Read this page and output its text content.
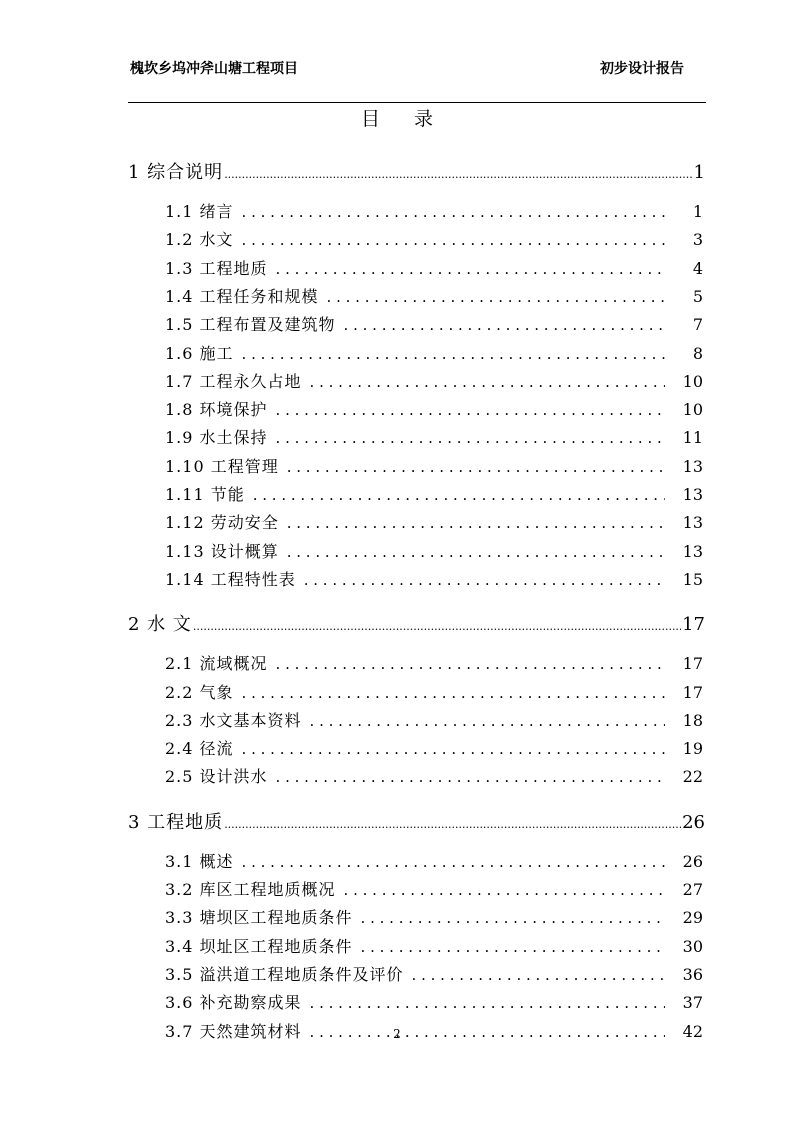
槐坎乡坞冲斧山塘工程项目	初步设计报告
目录
1 综合说明 .....	1
1.1 绪言 . . .	1
1.2 水文 . . .	3
1.3 工程地质 . . .	4
1.4 工程任务和规模 . . .	5
1.5 工程布置及建筑物 . . .	7
1.6 施工 . . .	8
1.7 工程永久占地 . . .	10
1.8 环境保护 . . .	10
1.9 水土保持 . . .	11
1.10 工程管理 . . .	13
1.11 节能 . . .	13
1.12 劳动安全 . . .	13
1.13 设计概算 . . .	13
1.14 工程特性表 . . .	15
2 水 文 .....	17
2.1 流域概况 . . .	17
2.2 气象 . . .	17
2.3 水文基本资料 . . .	18
2.4 径流 . . .	19
2.5 设计洪水 . . .	22
3 工程地质 .....	26
3.1 概述 . . .	26
3.2 库区工程地质概况 . . .	27
3.3 塘坝区工程地质条件 . . .	29
3.4 坝址区工程地质条件 . . .	30
3.5 溢洪道工程地质条件及评价 . . .	36
3.6 补充勘察成果 . . .	37
3.7 天然建筑材料 . . .	42
2
